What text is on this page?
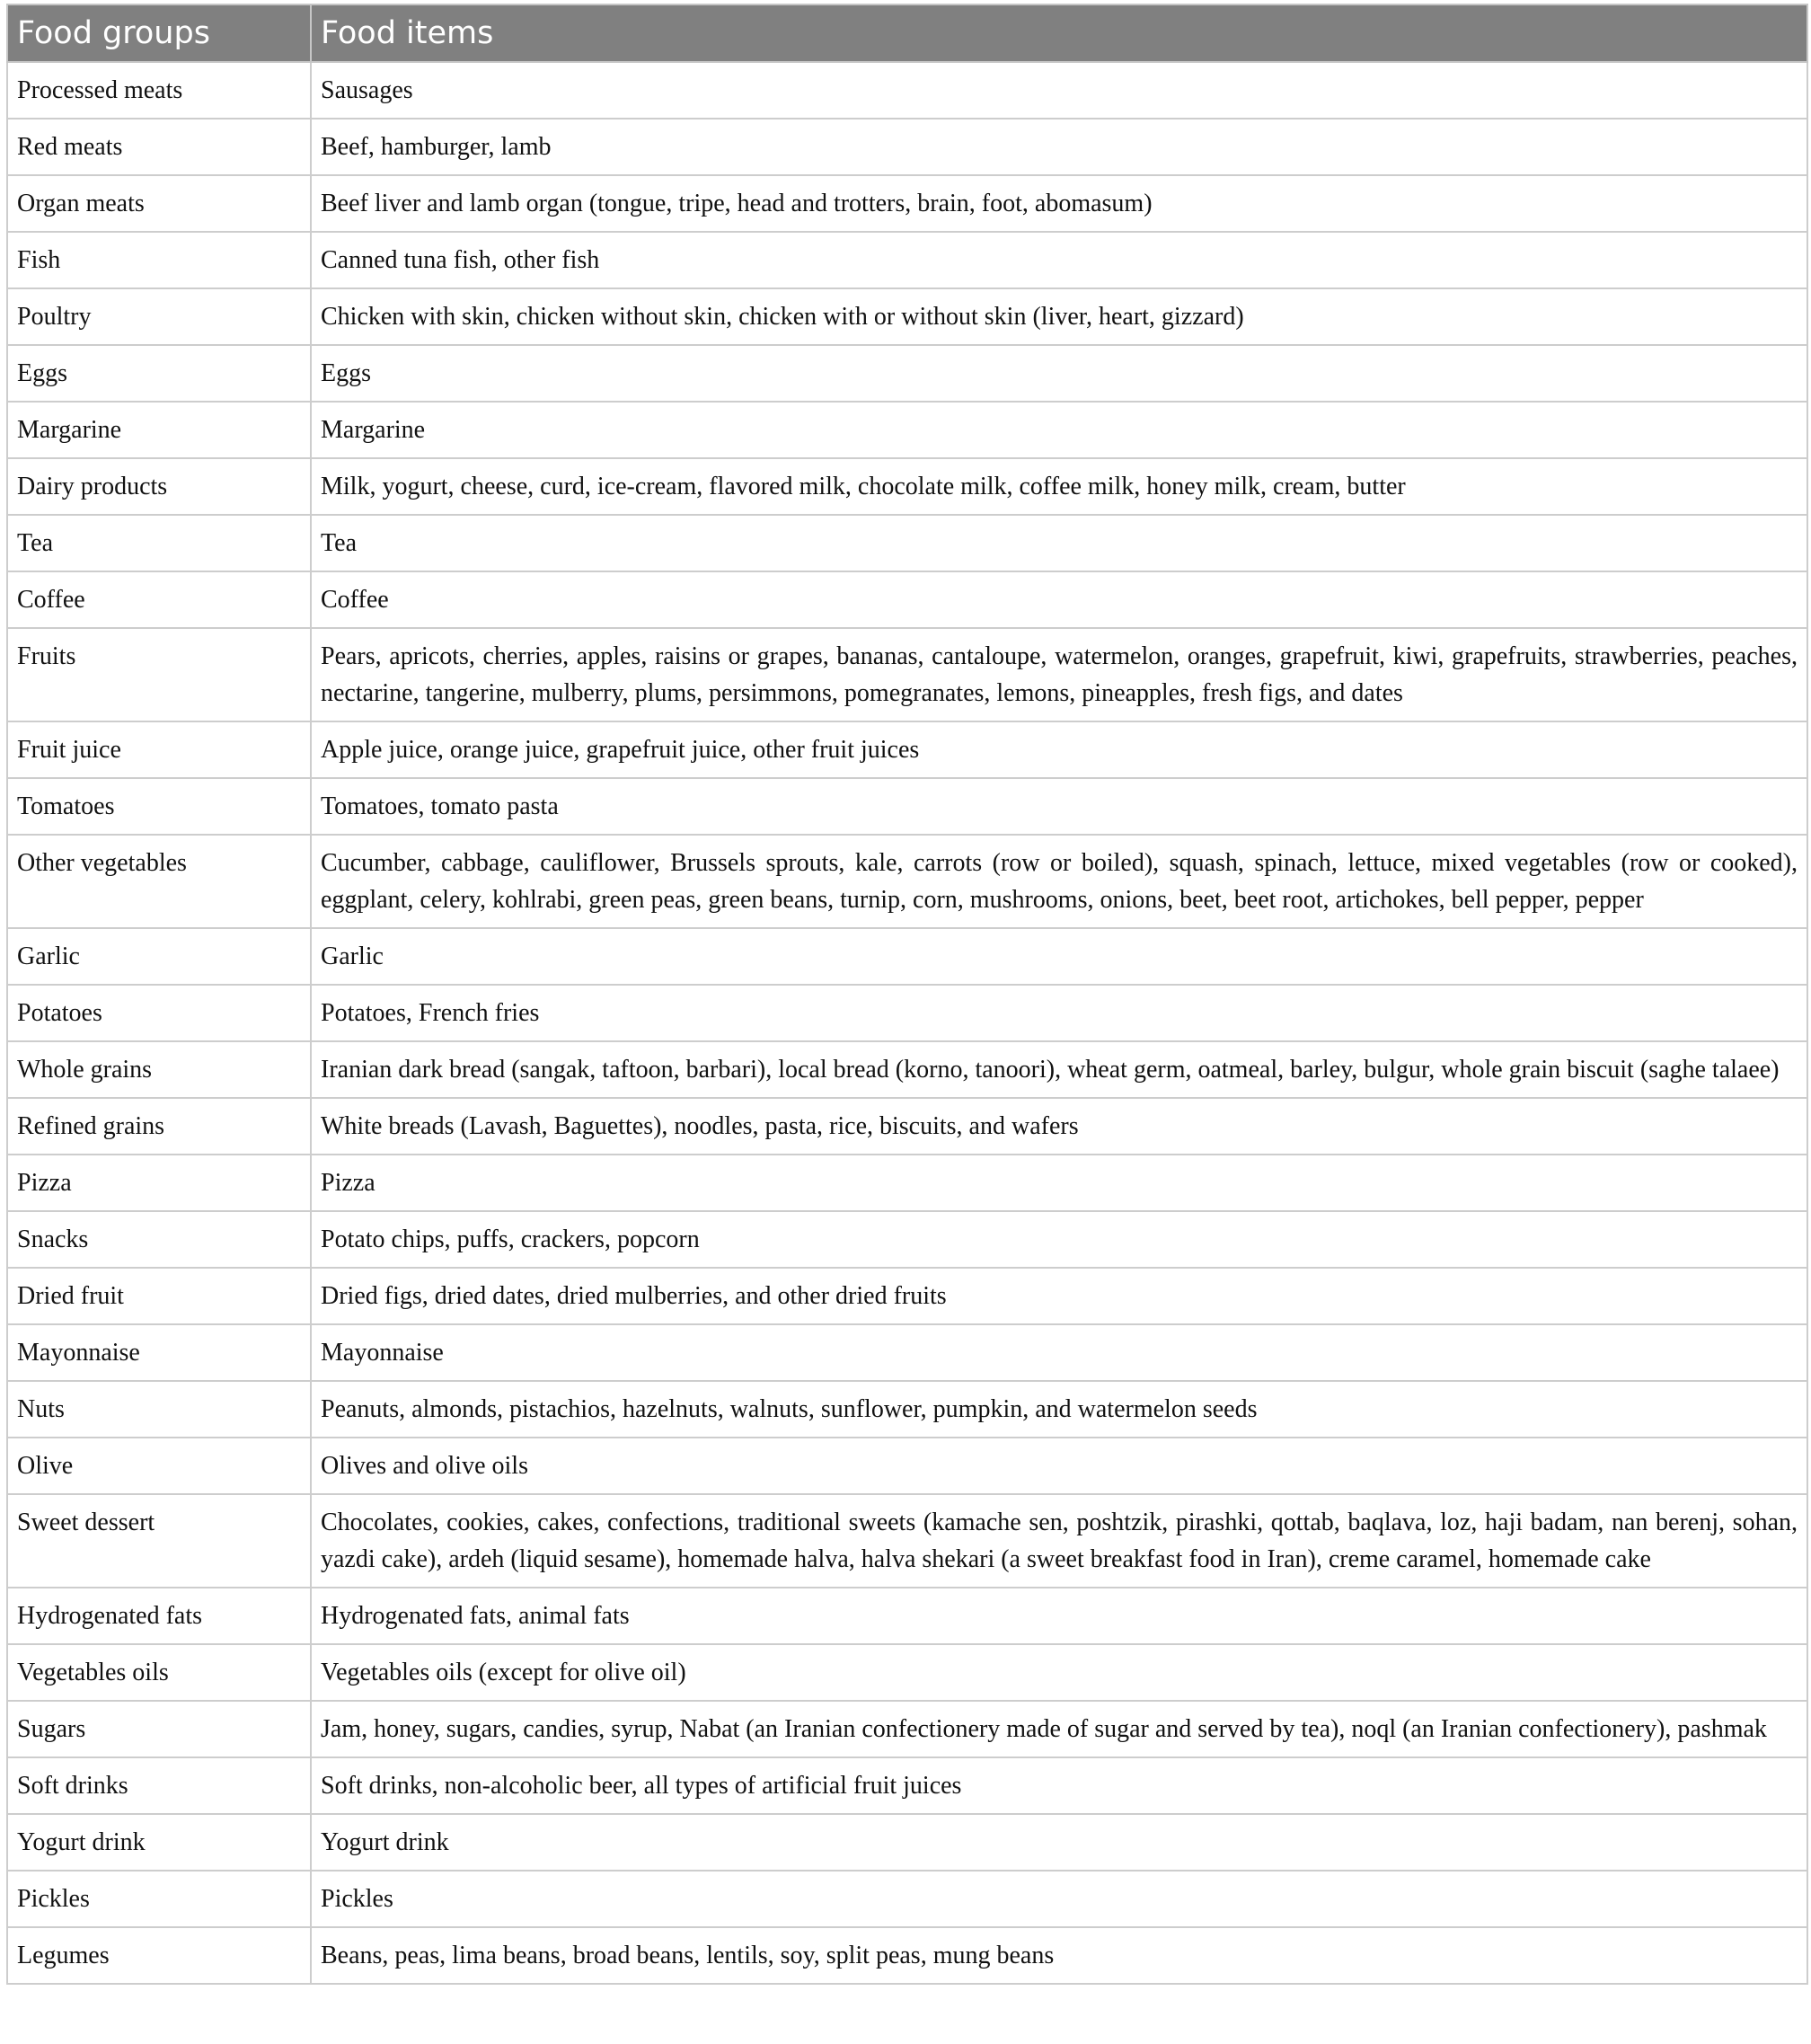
Food groups	Food items
Processed meats	Sausages
Red meats	Beef, hamburger, lamb
Organ meats	Beef liver and lamb organ (tongue, tripe, head and trotters, brain, foot, abomasum)
Fish	Canned tuna fish, other fish
Poultry	Chicken with skin, chicken without skin, chicken with or without skin (liver, heart, gizzard)
Eggs	Eggs
Margarine	Margarine
Dairy products	Milk, yogurt, cheese, curd, ice-cream, flavored milk, chocolate milk, coffee milk, honey milk, cream, butter
Tea	Tea
Coffee	Coffee
Fruits	Pears, apricots, cherries, apples, raisins or grapes, bananas, cantaloupe, watermelon, oranges, grapefruit, kiwi, grapefruits, strawberries, peaches, nectarine, tangerine, mulberry, plums, persimmons, pomegranates, lemons, pineapples, fresh figs, and dates
Fruit juice	Apple juice, orange juice, grapefruit juice, other fruit juices
Tomatoes	Tomatoes, tomato pasta
Other vegetables	Cucumber, cabbage, cauliflower, Brussels sprouts, kale, carrots (row or boiled), squash, spinach, lettuce, mixed vegetables (row or cooked), eggplant, celery, kohlrabi, green peas, green beans, turnip, corn, mushrooms, onions, beet, beet root, artichokes, bell pepper, pepper
Garlic	Garlic
Potatoes	Potatoes, French fries
Whole grains	Iranian dark bread (sangak, taftoon, barbari), local bread (korno, tanoori), wheat germ, oatmeal, barley, bulgur, whole grain biscuit (saghe talaee)
Refined grains	White breads (Lavash, Baguettes), noodles, pasta, rice, biscuits, and wafers
Pizza	Pizza
Snacks	Potato chips, puffs, crackers, popcorn
Dried fruit	Dried figs, dried dates, dried mulberries, and other dried fruits
Mayonnaise	Mayonnaise
Nuts	Peanuts, almonds, pistachios, hazelnuts, walnuts, sunflower, pumpkin, and watermelon seeds
Olive	Olives and olive oils
Sweet dessert	Chocolates, cookies, cakes, confections, traditional sweets (kamache sen, poshtzik, pirashki, qottab, baqlava, loz, haji badam, nan berenj, sohan, yazdi cake), ardeh (liquid sesame), homemade halva, halva shekari (a sweet breakfast food in Iran), creme caramel, homemade cake
Hydrogenated fats	Hydrogenated fats, animal fats
Vegetables oils	Vegetables oils (except for olive oil)
Sugars	Jam, honey, sugars, candies, syrup, Nabat (an Iranian confectionery made of sugar and served by tea), noql (an Iranian confectionery), pashmak
Soft drinks	Soft drinks, non-alcoholic beer, all types of artificial fruit juices
Yogurt drink	Yogurt drink
Pickles	Pickles
Legumes	Beans, peas, lima beans, broad beans, lentils, soy, split peas, mung beans
